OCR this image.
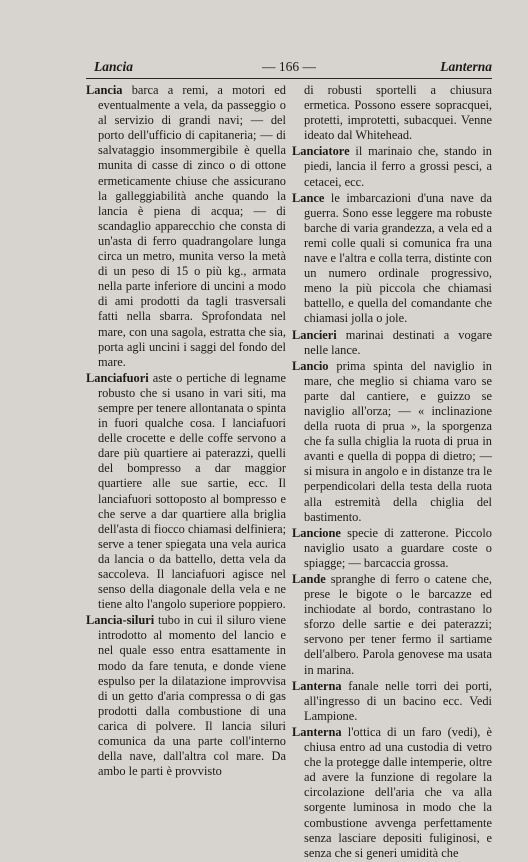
Lancia	— 166 —	Lanterna

Lancia barca a remi, a motori ed eventualmente a vela, da passeggio o al servizio di grandi navi; — del porto dell'ufficio di capitaneria; — di salvataggio insommergibile è quella munita di casse di zinco o di ottone ermeticamente chiuse che assicurano la galleggiabilità anche quando la lancia è piena di acqua; — di scandaglio apparecchio che consta di un'asta di ferro quadrangolare lunga circa un metro, munita verso la metà di un peso di 15 o più kg., armata nella parte inferiore di uncini a modo di ami prodotti da tagli trasversali fatti nella sbarra. Sprofondata nel mare, con una sagola, estratta che sia, porta agli uncini i saggi del fondo del mare.

Lanciafuori aste o pertiche di legname robusto che si usano in vari siti, ma sempre per tenere allontanata o spinta in fuori qualche cosa. I lanciafuori delle crocette e delle coffe servono a dare più quartiere ai paterazzi, quelli del bompresso a dar maggior quartiere alle sue sartie, ecc. Il lanciafuori sottoposto al bompresso e che serve a dar quartiere alla briglia dell'asta di fiocco chiamasi delfiniera; serve a tener spiegata una vela aurica da lancia o da battello, detta vela da saccoleva. Il lanciafuori agisce nel senso della diagonale della vela e ne tiene alto l'angolo superiore poppiero.

Lancia-siluri tubo in cui il siluro viene introdotto al momento del lancio e nel quale esso entra esattamente in modo da fare tenuta, e donde viene espulso per la dilatazione improvvisa di un getto d'aria compressa o di gas prodotti dalla combustione di una carica di polvere. Il lancia siluri comunica da una parte coll'interno della nave, dall'altra col mare. Da ambo le parti è provvisto

di robusti sportelli a chiusura ermetica. Possono essere sopracquei, protetti, improtetti, subacquei. Venne ideato dal Whitehead.

Lanciatore il marinaio che, stando in piedi, lancia il ferro a grossi pesci, a cetacei, ecc.

Lance le imbarcazioni d'una nave da guerra. Sono esse leggere ma robuste barche di varia grandezza, a vela ed a remi colle quali si comunica fra una nave e l'altra e colla terra, distinte con un numero ordinale progressivo, meno la più piccola che chiamasi battello, e quella del comandante che chiamasi jolla o jole.

Lancieri marinai destinati a vogare nelle lance.

Lancio prima spinta del naviglio in mare, che meglio si chiama varo se parte dal cantiere, e guizzo se naviglio all'orza; — « inclinazione della ruota di prua », la sporgenza che fa sulla chiglia la ruota di prua in avanti e quella di poppa di dietro; — si misura in angolo e in distanze tra le perpendicolari della testa della ruota alla estremità della chiglia del bastimento.

Lancione specie di zatterone. Piccolo naviglio usato a guardare coste o spiagge; — barcaccia grossa.

Lande spranghe di ferro o catene che, prese le bigote o le barcazze ed inchiodate al bordo, contrastano lo sforzo delle sartie e dei paterazzi; servono per tener fermo il sartiame dell'albero. Parola genovese ma usata in marina.

Lanterna fanale nelle torri dei porti, all'ingresso di un bacino ecc. Vedi Lampione.

Lanterna l'ottica di un faro (vedi), è chiusa entro ad una custodia di vetro che la protegge dalle intemperie, oltre ad avere la funzione di regolare la circolazione dell'aria che va alla sorgente luminosa in modo che la combustione avvenga perfettamente senza lasciare depositi fuliginosi, e senza che si generi umidità che
